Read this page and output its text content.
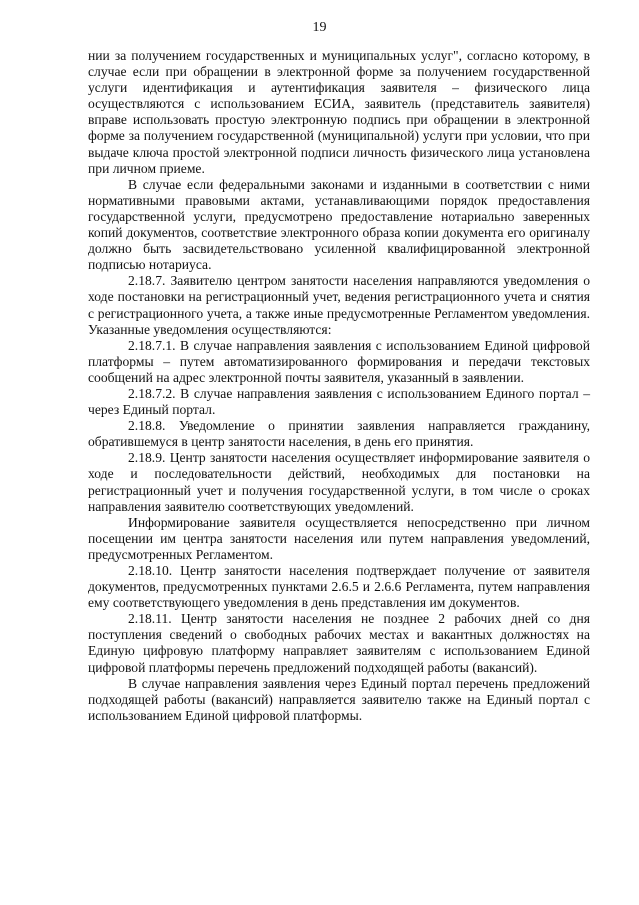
19

нии за получением государственных и муниципальных услуг", согласно которому, в случае если при обращении в электронной форме за получением государственной услуги идентификация и аутентификация заявителя – физического лица осуществляются с использованием ЕСИА, заявитель (представитель заявителя) вправе использовать простую электронную подпись при обращении в электронной форме за получением государственной (муниципальной) услуги при условии, что при выдаче ключа простой электронной подписи личность физического лица установлена при личном приеме.

В случае если федеральными законами и изданными в соответствии с ними нормативными правовыми актами, устанавливающими порядок предоставления государственной услуги, предусмотрено предоставление нотариально заверенных копий документов, соответствие электронного образа копии документа его оригиналу должно быть засвидетельствовано усиленной квалифицированной электронной подписью нотариуса.

2.18.7. Заявителю центром занятости населения направляются уведомления о ходе постановки на регистрационный учет, ведения регистрационного учета и снятия с регистрационного учета, а также иные предусмотренные Регламентом уведомления. Указанные уведомления осуществляются:

2.18.7.1. В случае направления заявления с использованием Единой цифровой платформы – путем автоматизированного формирования и передачи текстовых сообщений на адрес электронной почты заявителя, указанный в заявлении.

2.18.7.2. В случае направления заявления с использованием Единого портал – через Единый портал.

2.18.8. Уведомление о принятии заявления направляется гражданину, обратившемуся в центр занятости населения, в день его принятия.

2.18.9. Центр занятости населения осуществляет информирование заявителя о ходе и последовательности действий, необходимых для постановки на регистрационный учет и получения государственной услуги, в том числе о сроках направления заявителю соответствующих уведомлений.

Информирование заявителя осуществляется непосредственно при личном посещении им центра занятости населения или путем направления уведомлений, предусмотренных Регламентом.

2.18.10. Центр занятости населения подтверждает получение от заявителя документов, предусмотренных пунктами 2.6.5 и 2.6.6 Регламента, путем направления ему соответствующего уведомления в день представления им документов.

2.18.11. Центр занятости населения не позднее 2 рабочих дней со дня поступления сведений о свободных рабочих местах и вакантных должностях на Единую цифровую платформу направляет заявителям с использованием Единой цифровой платформы перечень предложений подходящей работы (вакансий).

В случае направления заявления через Единый портал перечень предложений подходящей работы (вакансий) направляется заявителю также на Единый портал с использованием Единой цифровой платформы.
